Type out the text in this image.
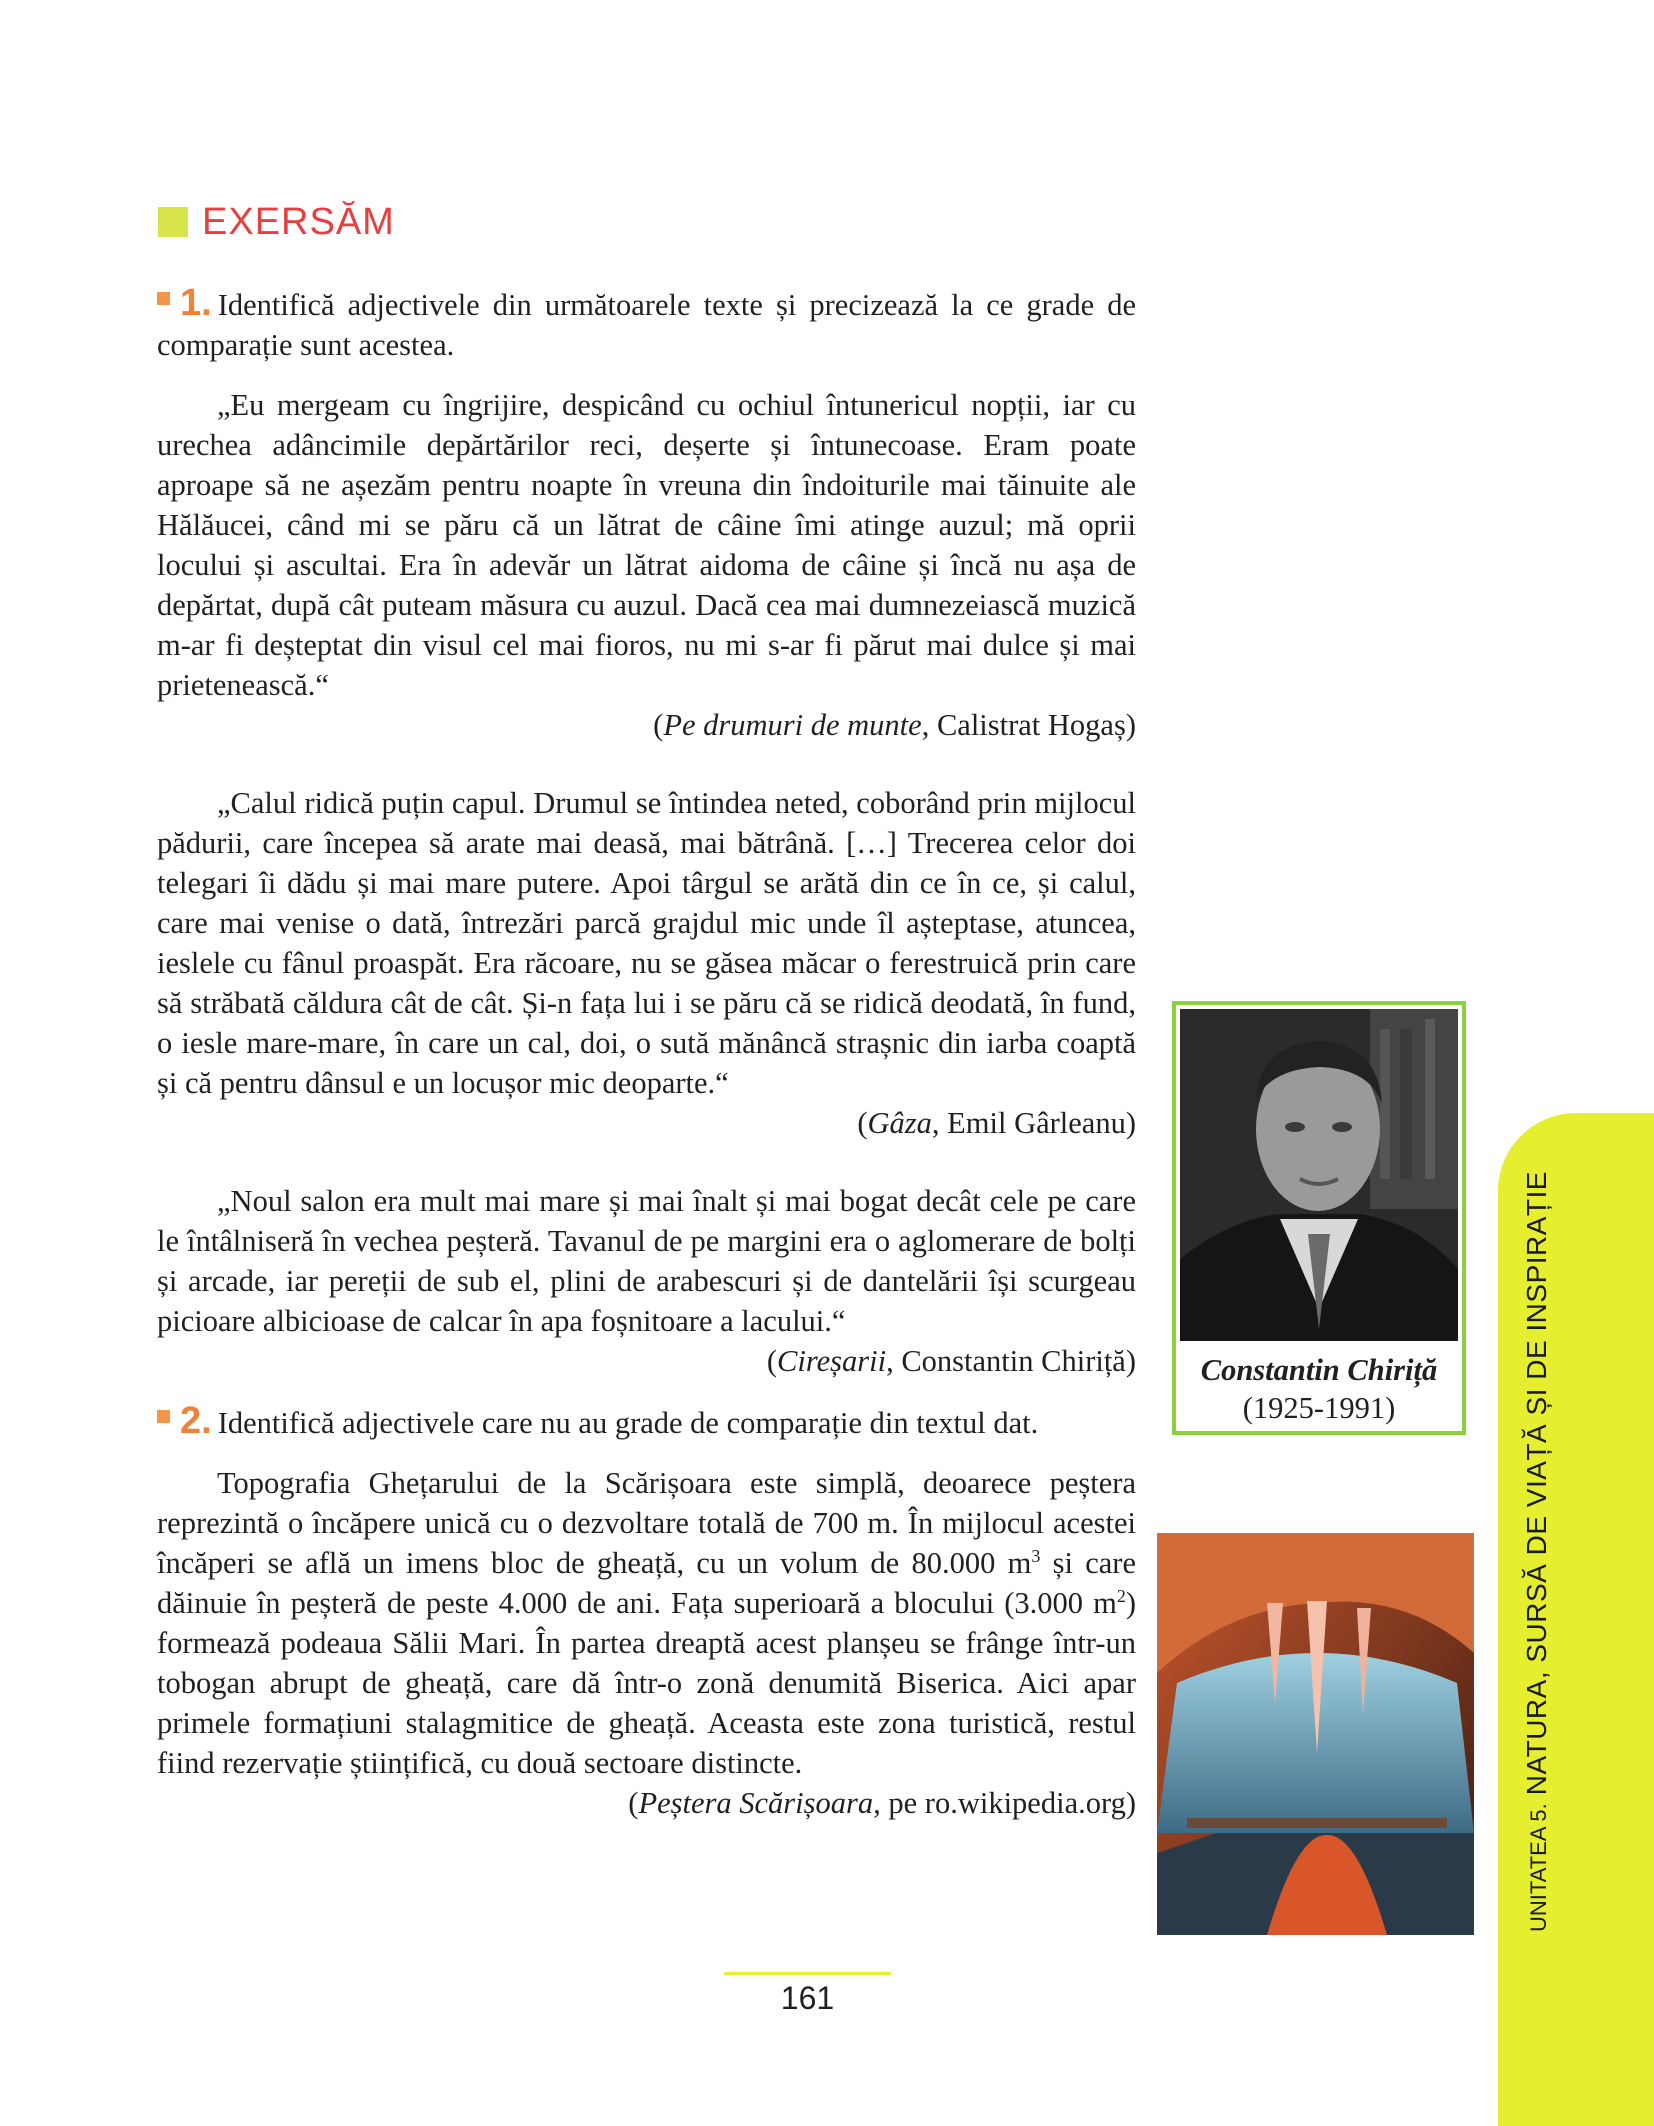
EXERSĂM
1. Identifică adjectivele din următoarele texte și precizează la ce grade de comparație sunt acestea.

„Eu mergeam cu îngrijire, despicând cu ochiul întunericul nopții, iar cu urechea adâncimile depărtărilor reci, deșerte și întunecoase. Eram poate aproape să ne așezăm pentru noapte în vreuna din îndoiturile mai tăinuite ale Hălăucei, când mi se păru că un lătrat de câine îmi atinge auzul; mă oprii locului și ascultai. Era în adevăr un lătrat aidoma de câine și încă nu așa de depărtat, după cât puteam măsura cu auzul. Dacă cea mai dumnezeiască muzică m-ar fi deșteptat din visul cel mai fioros, nu mi s-ar fi părut mai dulce și mai prietenească.“

(Pe drumuri de munte, Calistrat Hogaș)

„Calul ridică puțin capul. Drumul se întindea neted, coborând prin mijlocul pădurii, care începea să arate mai deasă, mai bătrână. […] Trecerea celor doi telegari îi dădu și mai mare putere. Apoi târgul se arătă din ce în ce, și calul, care mai venise o dată, întrezări parcă grajdul mic unde îl așteptase, atuncea, ieslele cu fânul proaspăt. Era răcoare, nu se găsea măcar o ferestruică prin care să străbată căldura cât de cât. Și-n fața lui i se păru că se ridică deodată, în fund, o iesle mare-mare, în care un cal, doi, o sută mănâncă strașnic din iarba coaptă și că pentru dânsul e un locușor mic deoparte.“

(Gâza, Emil Gârleanu)

„Noul salon era mult mai mare și mai înalt și mai bogat decât cele pe care le întâlniseră în vechea peșteră. Tavanul de pe margini era o aglomerare de bolți și arcade, iar pereții de sub el, plini de arabescuri și de dantelării își scurgeau picioare albicioase de calcar în apa foșnitoare a lacului.“

(Cireșarii, Constantin Chiriță)

2. Identifică adjectivele care nu au grade de comparație din textul dat.

Topografia Ghețarului de la Scărișoara este simplă, deoarece peștera reprezintă o încăpere unică cu o dezvoltare totală de 700 m. În mijlocul acestei încăperi se află un imens bloc de gheață, cu un volum de 80.000 $m^3$ și care dăinuie în peșteră de peste 4.000 de ani. Fața superioară a blocului (3.000 $m^2$) formează podeaua Sălii Mari. În partea dreaptă acest planșeu se frânge într-un tobogan abrupt de gheață, care dă într-o zonă denumită Biserica. Aici apar primele formațiuni stalagmitice de gheață. Aceasta este zona turistică, restul fiind rezervație științifică, cu două sectoare distincte.

(Peștera Scărișoara, pe ro.wikipedia.org)

Constantin Chiriță
(1925-1991)
UNITATEA 5.NATURA, SURSĂ DE VIAȚĂ ȘI DE INSPIRAȚIE
161
